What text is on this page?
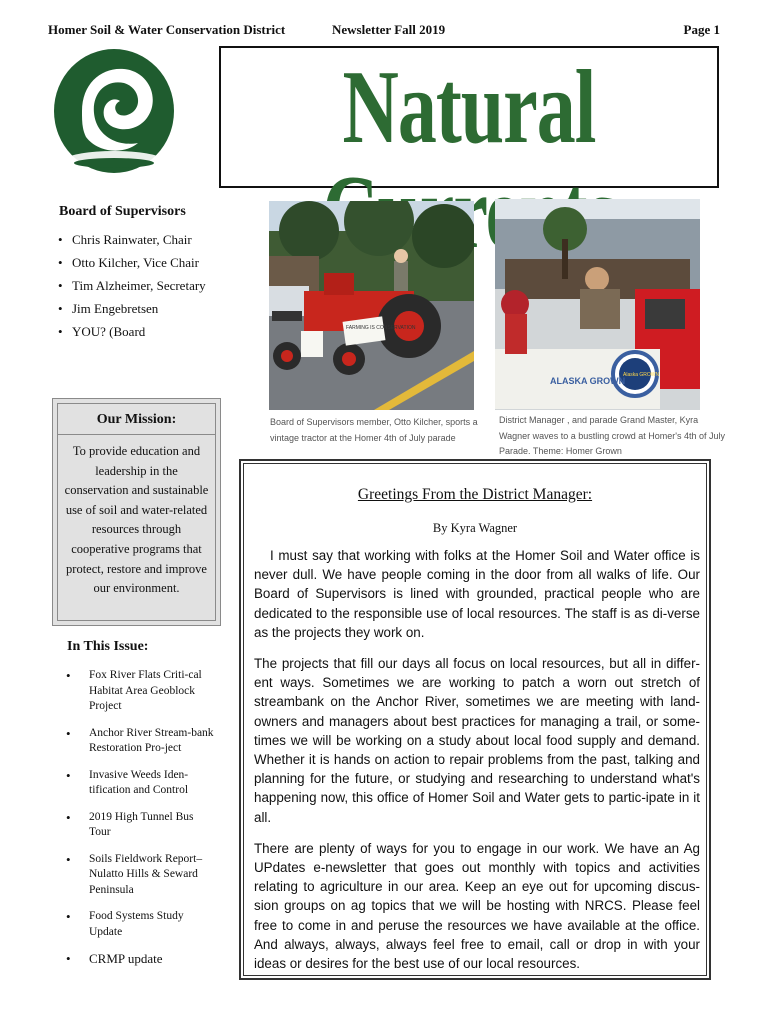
Homer Soil & Water Conservation District	Newsletter Fall 2019	Page 1
Natural
Board of Supervisors
• Chris Rainwater, Chair
• Otto Kilcher, Vice Chair
• Tim Alzheimer, Secretary
• Jim Engebretsen
• YOU? (Board
Our Mission:
To provide education and leadership in the conservation and sustainable use of soil and water-related resources through cooperative programs that protect, restore and improve our environment.
In This Issue:
• Fox River Flats Criti-cal Habitat Area Geoblock Project
• Anchor River Stream-bank Restoration Pro-ject
• Invasive Weeds Iden-tification and Control
• 2019 High Tunnel Bus Tour
• Soils Fieldwork Report– Nulatto Hills & Seward Peninsula
• Food Systems Study Update
• CRMP update
FARMING IS CONSERVATION
Board of Supervisors member, Otto Kilcher, sports a vintage tractor at the Homer 4th of July parade
Alaska GROWN
ALASKA GROWN
District Manager , and parade Grand Master, Kyra Wagner waves to a bustling crowd at Homer's 4th of July Parade. Theme: Homer Grown
Greetings From the District Manager:
By Kyra Wagner

I must say that working with folks at the Homer Soil and Water office is never dull. We have people coming in the door from all walks of life. Our Board of Supervisors is lined with grounded, practical people who are dedicated to the responsible use of local resources. The staff is as di-verse as the projects they work on.

The projects that fill our days all focus on local resources, but all in differ-ent ways. Sometimes we are working to patch a worn out stretch of streambank on the Anchor River, sometimes we are meeting with land-owners and managers about best practices for managing a trail, or some-times we will be working on a study about local food supply and demand. Whether it is hands on action to repair problems from the past, talking and planning for the future, or studying and researching to understand what's happening now, this office of Homer Soil and Water gets to partic-ipate in it all.

There are plenty of ways for you to engage in our work. We have an Ag UPdates e-newsletter that goes out monthly with topics and activities relating to agriculture in our area. Keep an eye out for upcoming discus-sion groups on ag topics that we will be hosting with NRCS. Please feel free to come in and peruse the resources we have available at the office. And always, always, always feel free to email, call or drop in with your ideas or desires for the best use of our local resources.
